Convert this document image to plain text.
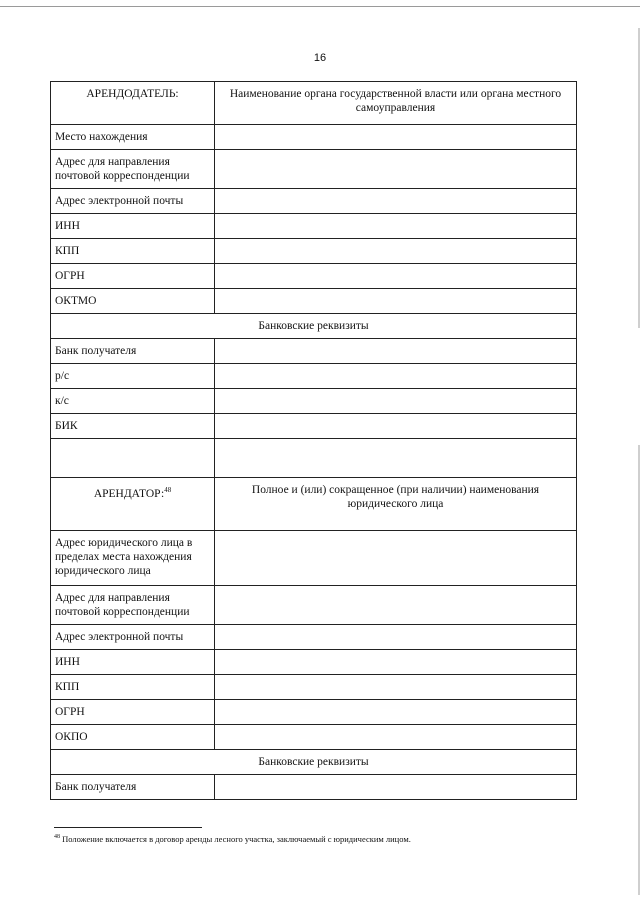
16
АРЕНДОДАТЕЛЬ:	Наименование органа государственной власти или органа местного самоуправления
Место нахождения	
Адрес для направления почтовой корреспонденции	
Адрес электронной почты	
ИНН	
КПП	
ОГРН	
ОКТМО	
Банковские реквизиты	
Банк получателя	
р/с	
к/с	
БИК	

АРЕНДАТОР:$^{48}$	Полное и (или) сокращенное (при наличии) наименования юридического лица
Адрес юридического лица в пределах места нахождения юридического лица	
Адрес для направления почтовой корреспонденции	
Адрес электронной почты	
ИНН	
КПП	
ОГРН	
ОКПО	
Банковские реквизиты	
Банк получателя	
$^{48}$ Положение включается в договор аренды лесного участка, заключаемый с юридическим лицом.
